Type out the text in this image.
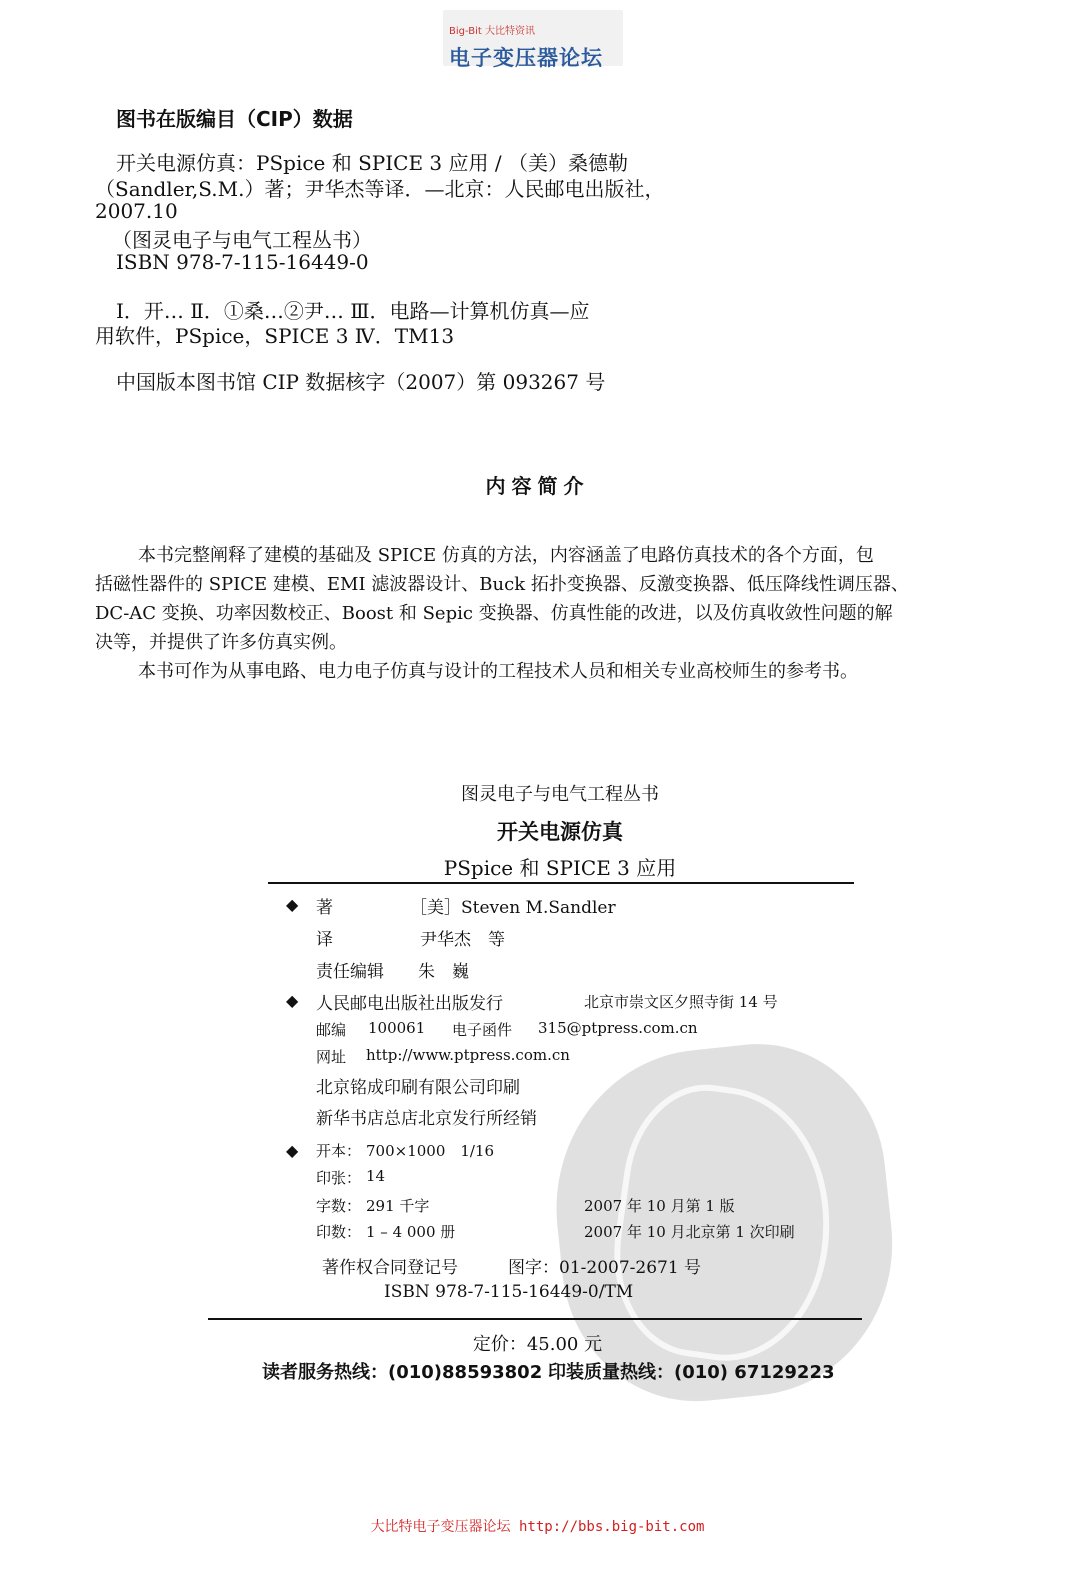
Big-Bit 大比特资讯
电子变压器论坛
图书在版编目（CIP）数据
开关电源仿真：PSpice 和 SPICE 3 应用 / （美）桑德勒
（Sandler,S.M.）著；尹华杰等译．—北京：人民邮电出版社，
2007.10
（图灵电子与电气工程丛书）
ISBN 978-7-115-16449-0
Ⅰ．开… Ⅱ．①桑…②尹… Ⅲ．电路—计算机仿真—应
用软件，PSpice，SPICE 3 Ⅳ．TM13
中国版本图书馆 CIP 数据核字（2007）第 093267 号
内容简介
本书完整阐释了建模的基础及 SPICE 仿真的方法，内容涵盖了电路仿真技术的各个方面，包
括磁性器件的 SPICE 建模、EMI 滤波器设计、Buck 拓扑变换器、反激变换器、低压降线性调压器、
DC-AC 变换、功率因数校正、Boost 和 Sepic 变换器、仿真性能的改进，以及仿真收敛性问题的解
决等，并提供了许多仿真实例。
本书可作为从事电路、电力电子仿真与设计的工程技术人员和相关专业高校师生的参考书。
图灵电子与电气工程丛书
开关电源仿真
PSpice 和 SPICE 3 应用
◆ 著	［美］Steven M.Sandler
译	尹华杰　等
责任编辑 朱　巍
◆ 人民邮电出版社出版发行	北京市崇文区夕照寺街 14 号
邮编 100061 电子函件 315@ptpress.com.cn
网址 http://www.ptpress.com.cn
北京铭成印刷有限公司印刷
新华书店总店北京发行所经销
◆ 开本： 700×1000　1/16
印张： 14
字数： 291 千字	2007 年 10 月第 1 版
印数： 1 – 4 000 册	2007 年 10 月北京第 1 次印刷
著作权合同登记号	图字：01-2007-2671 号
ISBN 978-7-115-16449-0/TM
定价：45.00 元
读者服务热线：(010)88593802 印装质量热线：(010) 67129223
大比特电子变压器论坛 http://bbs.big-bit.com
